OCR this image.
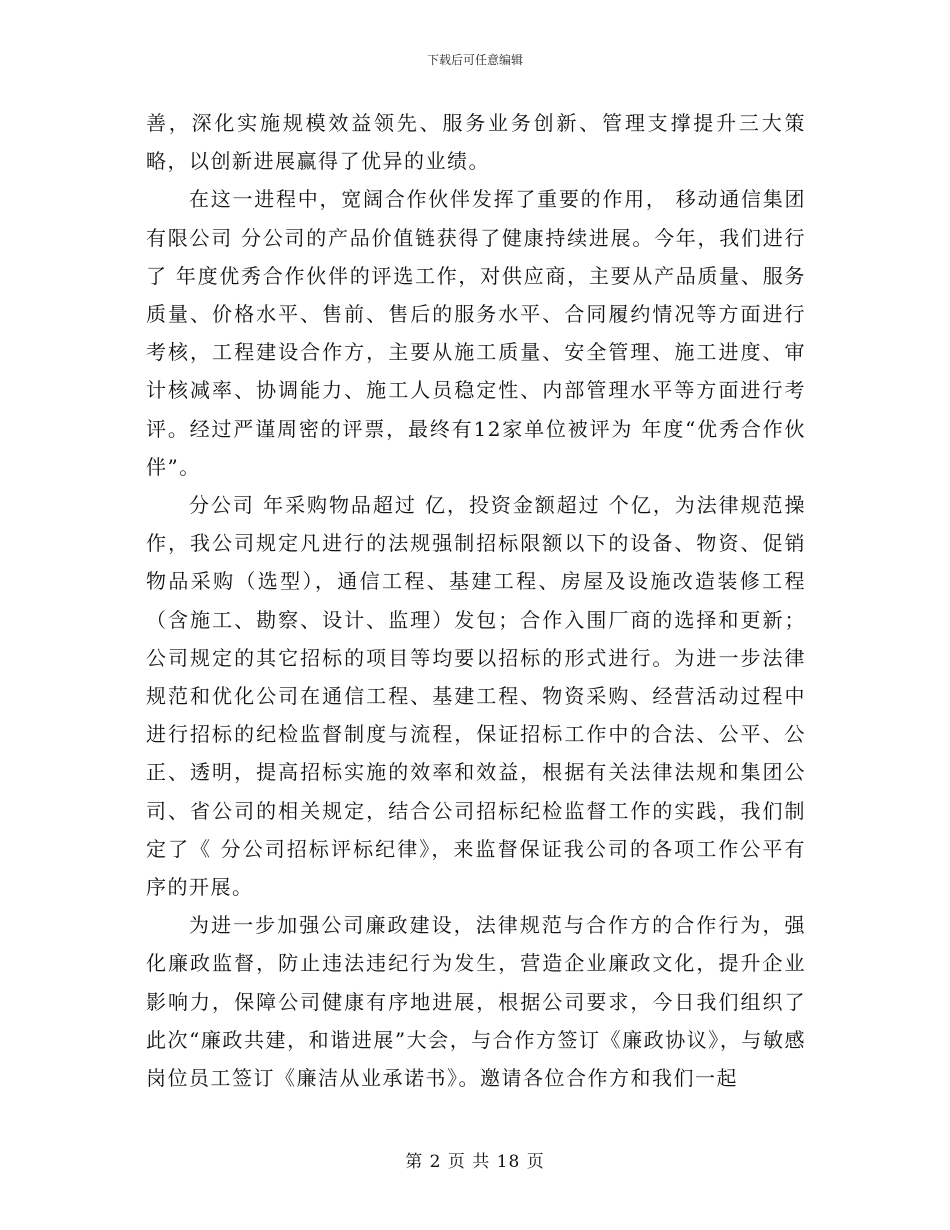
下载后可任意编辑

善，深化实施规模效益领先、服务业务创新、管理支撑提升三大策略，以创新进展赢得了优异的业绩。

在这一进程中，宽阔合作伙伴发挥了重要的作用， 移动通信集团有限公司 分公司的产品价值链获得了健康持续进展。今年，我们进行了 年度优秀合作伙伴的评选工作，对供应商，主要从产品质量、服务质量、价格水平、售前、售后的服务水平、合同履约情况等方面进行考核，工程建设合作方，主要从施工质量、安全管理、施工进度、审计核减率、协调能力、施工人员稳定性、内部管理水平等方面进行考评。经过严谨周密的评票，最终有12家单位被评为 年度“优秀合作伙伴”。

分公司 年采购物品超过 亿，投资金额超过 个亿，为法律规范操作，我公司规定凡进行的法规强制招标限额以下的设备、物资、促销物品采购（选型），通信工程、基建工程、房屋及设施改造装修工程（含施工、勘察、设计、监理）发包；合作入围厂商的选择和更新；公司规定的其它招标的项目等均要以招标的形式进行。为进一步法律规范和优化公司在通信工程、基建工程、物资采购、经营活动过程中进行招标的纪检监督制度与流程，保证招标工作中的合法、公平、公正、透明，提高招标实施的效率和效益，根据有关法律法规和集团公司、省公司的相关规定，结合公司招标纪检监督工作的实践，我们制定了《 分公司招标评标纪律》，来监督保证我公司的各项工作公平有序的开展。

为进一步加强公司廉政建设，法律规范与合作方的合作行为，强化廉政监督，防止违法违纪行为发生，营造企业廉政文化，提升企业影响力，保障公司健康有序地进展，根据公司要求，今日我们组织了此次“廉政共建，和谐进展”大会，与合作方签订《廉政协议》，与敏感岗位员工签订《廉洁从业承诺书》。邀请各位合作方和我们一起

第 2 页 共 18 页
